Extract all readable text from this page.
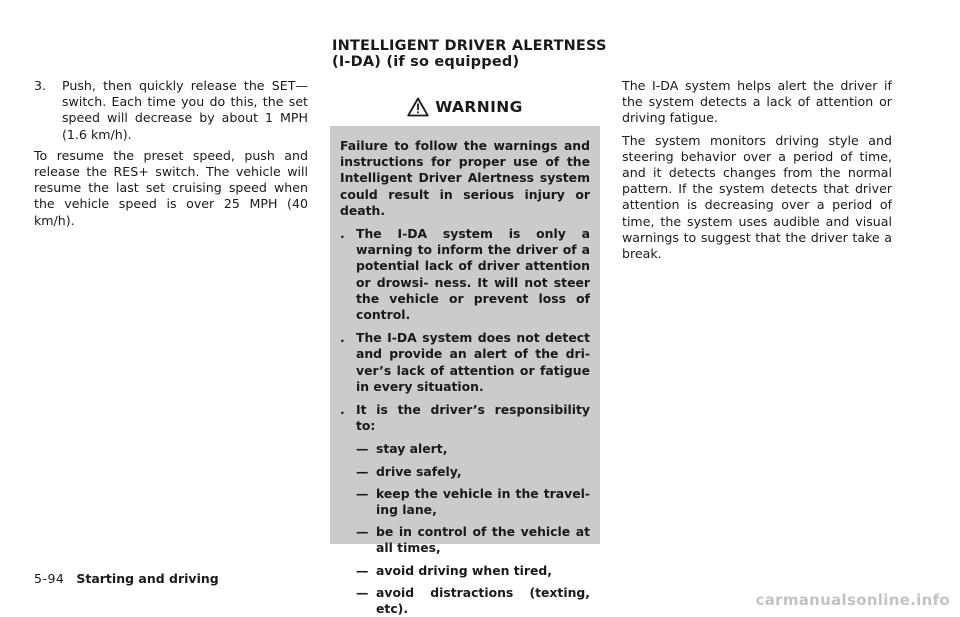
3.	Push, then quickly release the SET— switch. Each time you do this, the set speed will decrease by about 1 MPH (1.6 km/h).

To resume the preset speed, push and release the RES+ switch. The vehicle will resume the last set cruising speed when the vehicle speed is over 25 MPH (40 km/h).

INTELLIGENT DRIVER ALERTNESS
(I-DA) (if so equipped)
WARNING

Failure to follow the warnings and instructions for proper use of the Intelligent Driver Alertness system could result in serious injury or death.

. The I-DA system is only a warning to inform the driver of a potential lack of driver attention or drowsi- ness. It will not steer the vehicle or prevent loss of control.
. The I-DA system does not detect and provide an alert of the dri- ver’s lack of attention or fatigue in every situation.
. It is the driver’s responsibility to:
— stay alert,
— drive safely,
— keep the vehicle in the travel- ing lane,
— be in control of the vehicle at all times,
— avoid driving when tired,
— avoid distractions (texting, etc).

The I-DA system helps alert the driver if the system detects a lack of attention or driving fatigue.

The system monitors driving style and steering behavior over a period of time, and it detects changes from the normal pattern. If the system detects that driver attention is decreasing over a period of time, the system uses audible and visual warnings to suggest that the driver take a break.

5-94 Starting and driving
carmanualsonline.info
